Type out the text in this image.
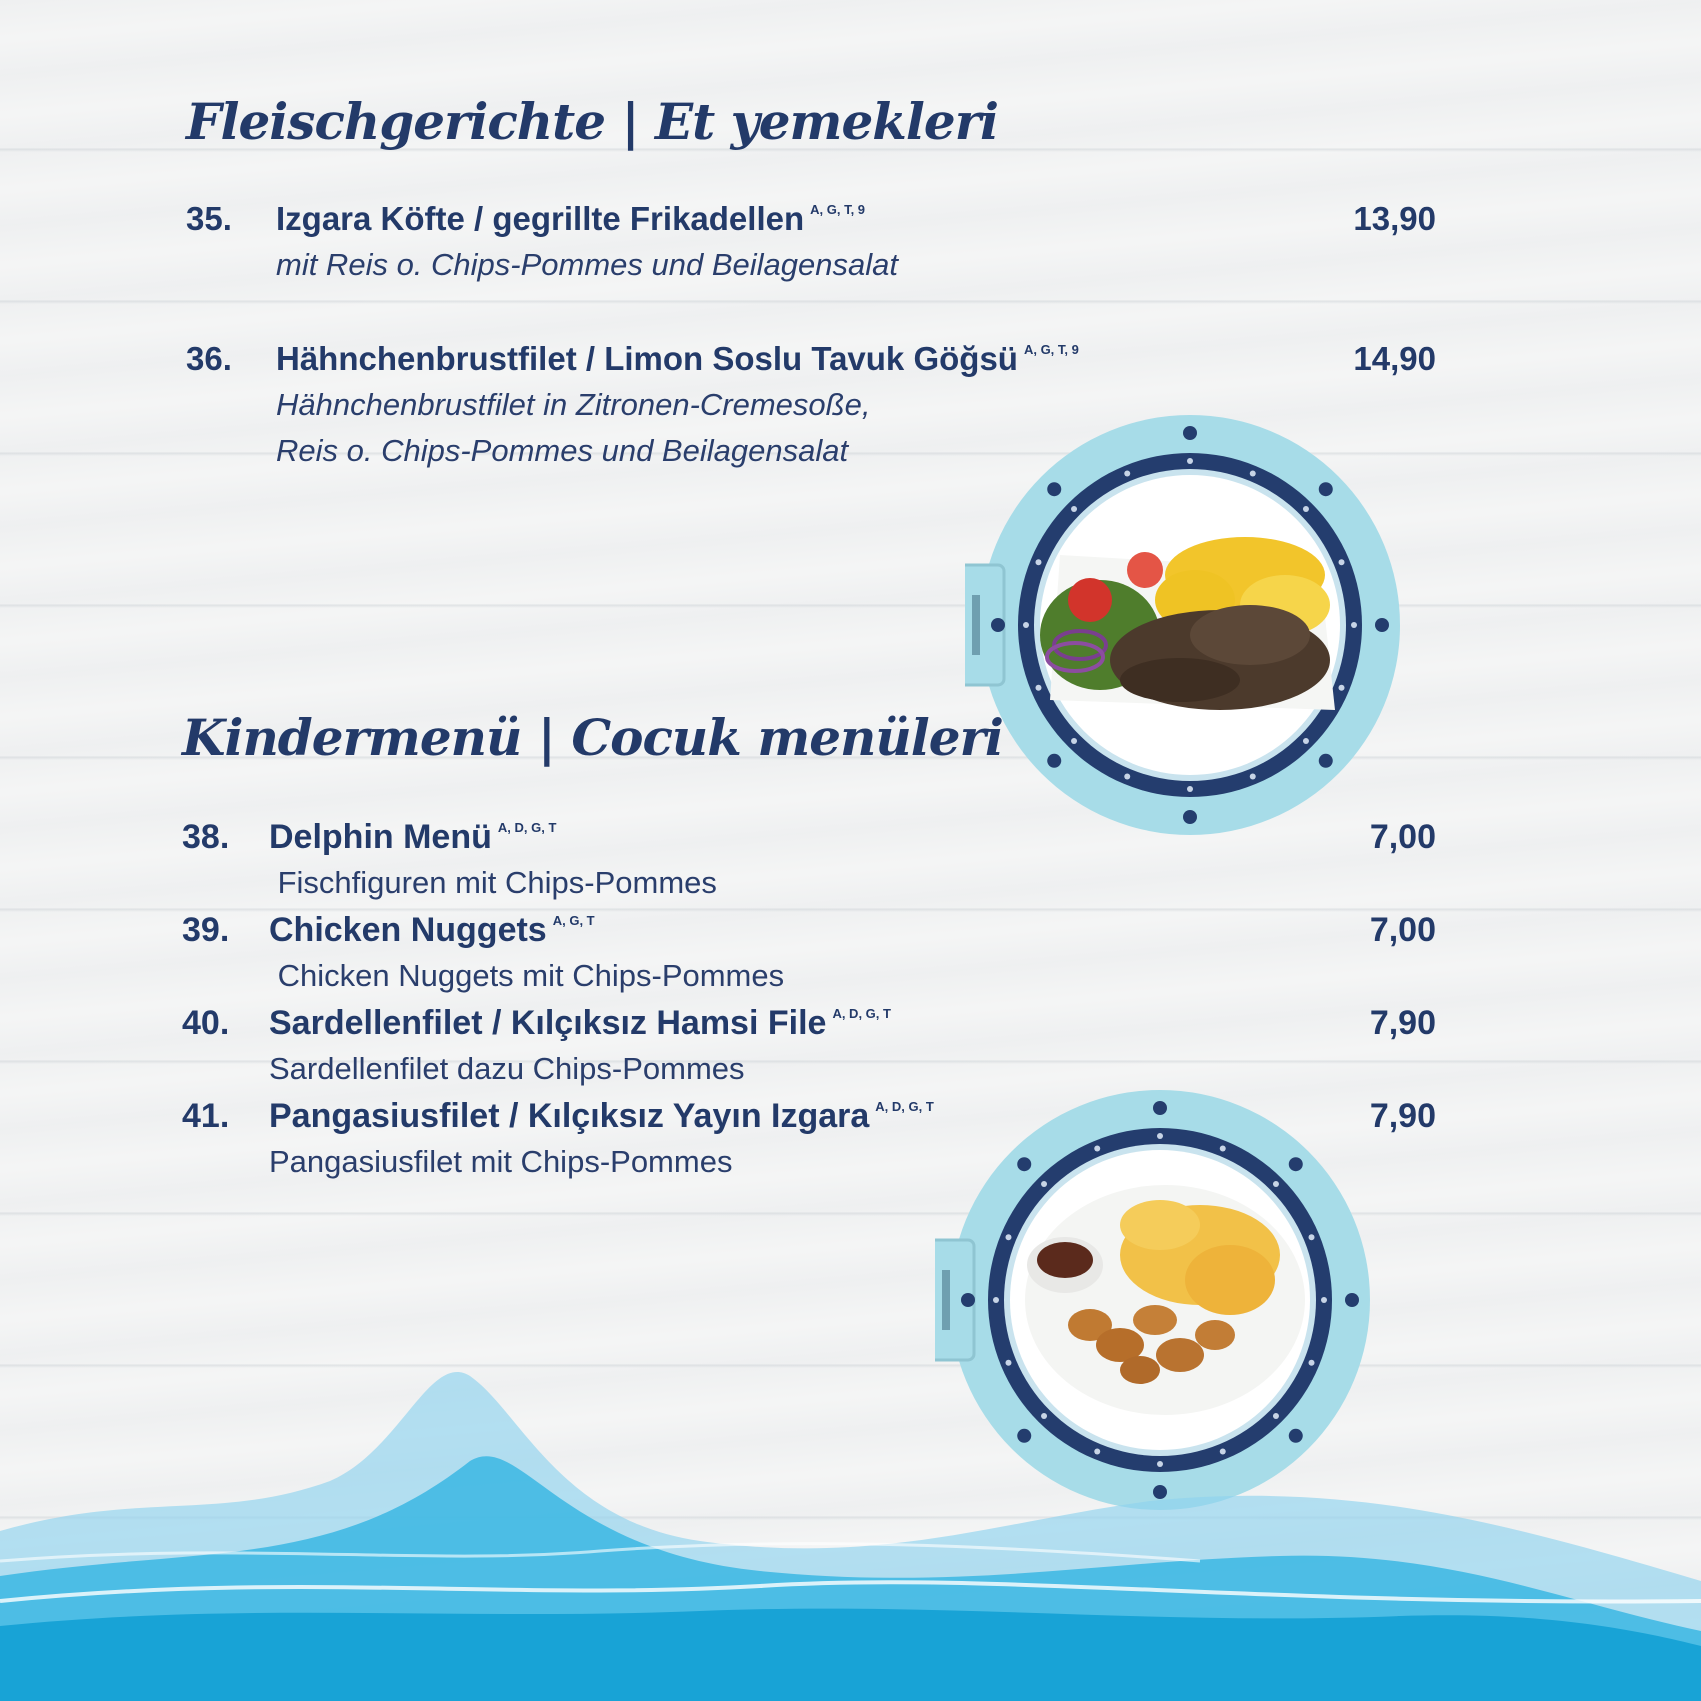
Fleischgerichte | Et yemekleri
35. Izgara Köfte / gegrillte Frikadellen $^{A, G, T, 9}$	13,90

mit Reis o. Chips-Pommes und Beilagensalat

36. Hähnchenbrustfilet / Limon Soslu Tavuk Göğsü $^{A, G, T, 9}$	14,90

Hähnchenbrustfilet in Zitronen-Cremesoße,

Reis o. Chips-Pommes und Beilagensalat

Kindermenü | Cocuk menüleri
38. Delphin Menü $^{A, D, G, T}$	7,00

Fischfiguren mit Chips-Pommes

39. Chicken Nuggets $^{A, G, T}$	7,00

Chicken Nuggets mit Chips-Pommes

40. Sardellenfilet / Kılçıksız Hamsi File $^{A, D, G, T}$	7,90

Sardellenfilet dazu Chips-Pommes

41. Pangasiusfilet / Kılçıksız Yayın Izgara $^{A, D, G, T}$	7,90

Pangasiusfilet mit Chips-Pommes
